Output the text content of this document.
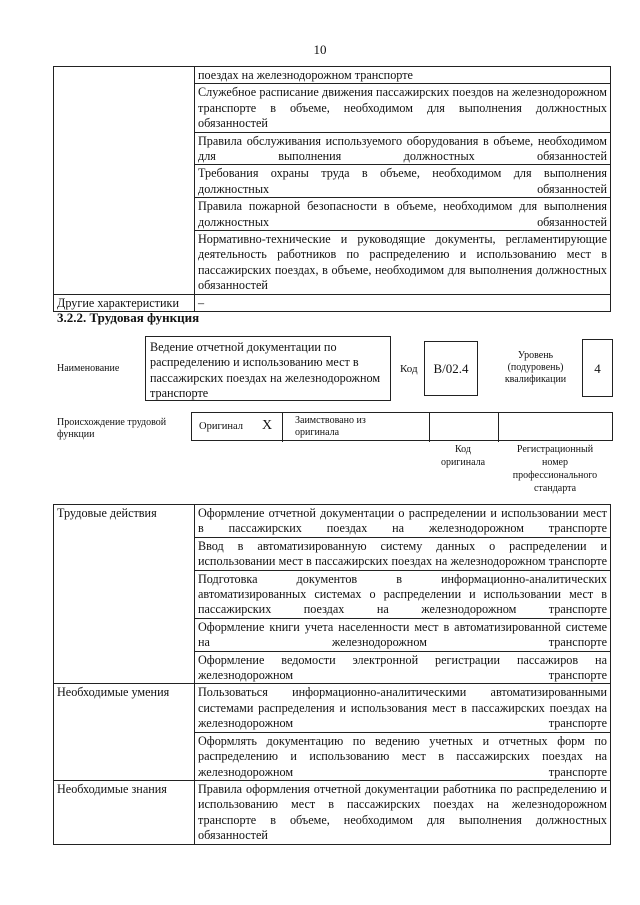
10
	поездах на железнодорожном транспорте
	Служебное расписание движения пассажирских поездов на железнодорожном транспорте в объеме, необходимом для выполнения должностных обязанностей
	Правила обслуживания используемого оборудования в объеме, необходимом для выполнения должностных обязанностей
	Требования охраны труда в объеме, необходимом для выполнения должностных обязанностей
	Правила пожарной безопасности в объеме, необходимом для выполнения должностных обязанностей
	Нормативно-технические и руководящие документы, регламентирующие деятельность работников по распределению и использованию мест в пассажирских поездах, в объеме, необходимом для выполнения должностных обязанностей
Другие характеристики	–
3.2.2. Трудовая функция
Наименование
Ведение отчетной документации по распределению и использованию мест в пассажирских поездах на железнодорожном транспорте
Код	В/02.4
Уровень (подуровень) квалификации
4
Происхождение трудовой функции
Оригинал Х Заимствовано из оригинала
Код оригинала
Регистрационный номер профессионального стандарта
Трудовые действия	Оформление отчетной документации о распределении и использовании мест в пассажирских поездах на железнодорожном транспорте
	Ввод в автоматизированную систему данных о распределении и использовании мест в пассажирских поездах на железнодорожном транспорте
	Подготовка документов в информационно-аналитических автоматизированных системах о распределении и использовании мест в пассажирских поездах на железнодорожном транспорте
	Оформление книги учета населенности мест в автоматизированной системе на железнодорожном транспорте
	Оформление ведомости электронной регистрации пассажиров на железнодорожном транспорте
Необходимые умения	Пользоваться информационно-аналитическими автоматизированными системами распределения и использования мест в пассажирских поездах на железнодорожном транспорте
	Оформлять документацию по ведению учетных и отчетных форм по распределению и использованию мест в пассажирских поездах на железнодорожном транспорте
Необходимые знания	Правила оформления отчетной документации работника по распределению и использованию мест в пассажирских поездах на железнодорожном транспорте в объеме, необходимом для выполнения должностных обязанностей
